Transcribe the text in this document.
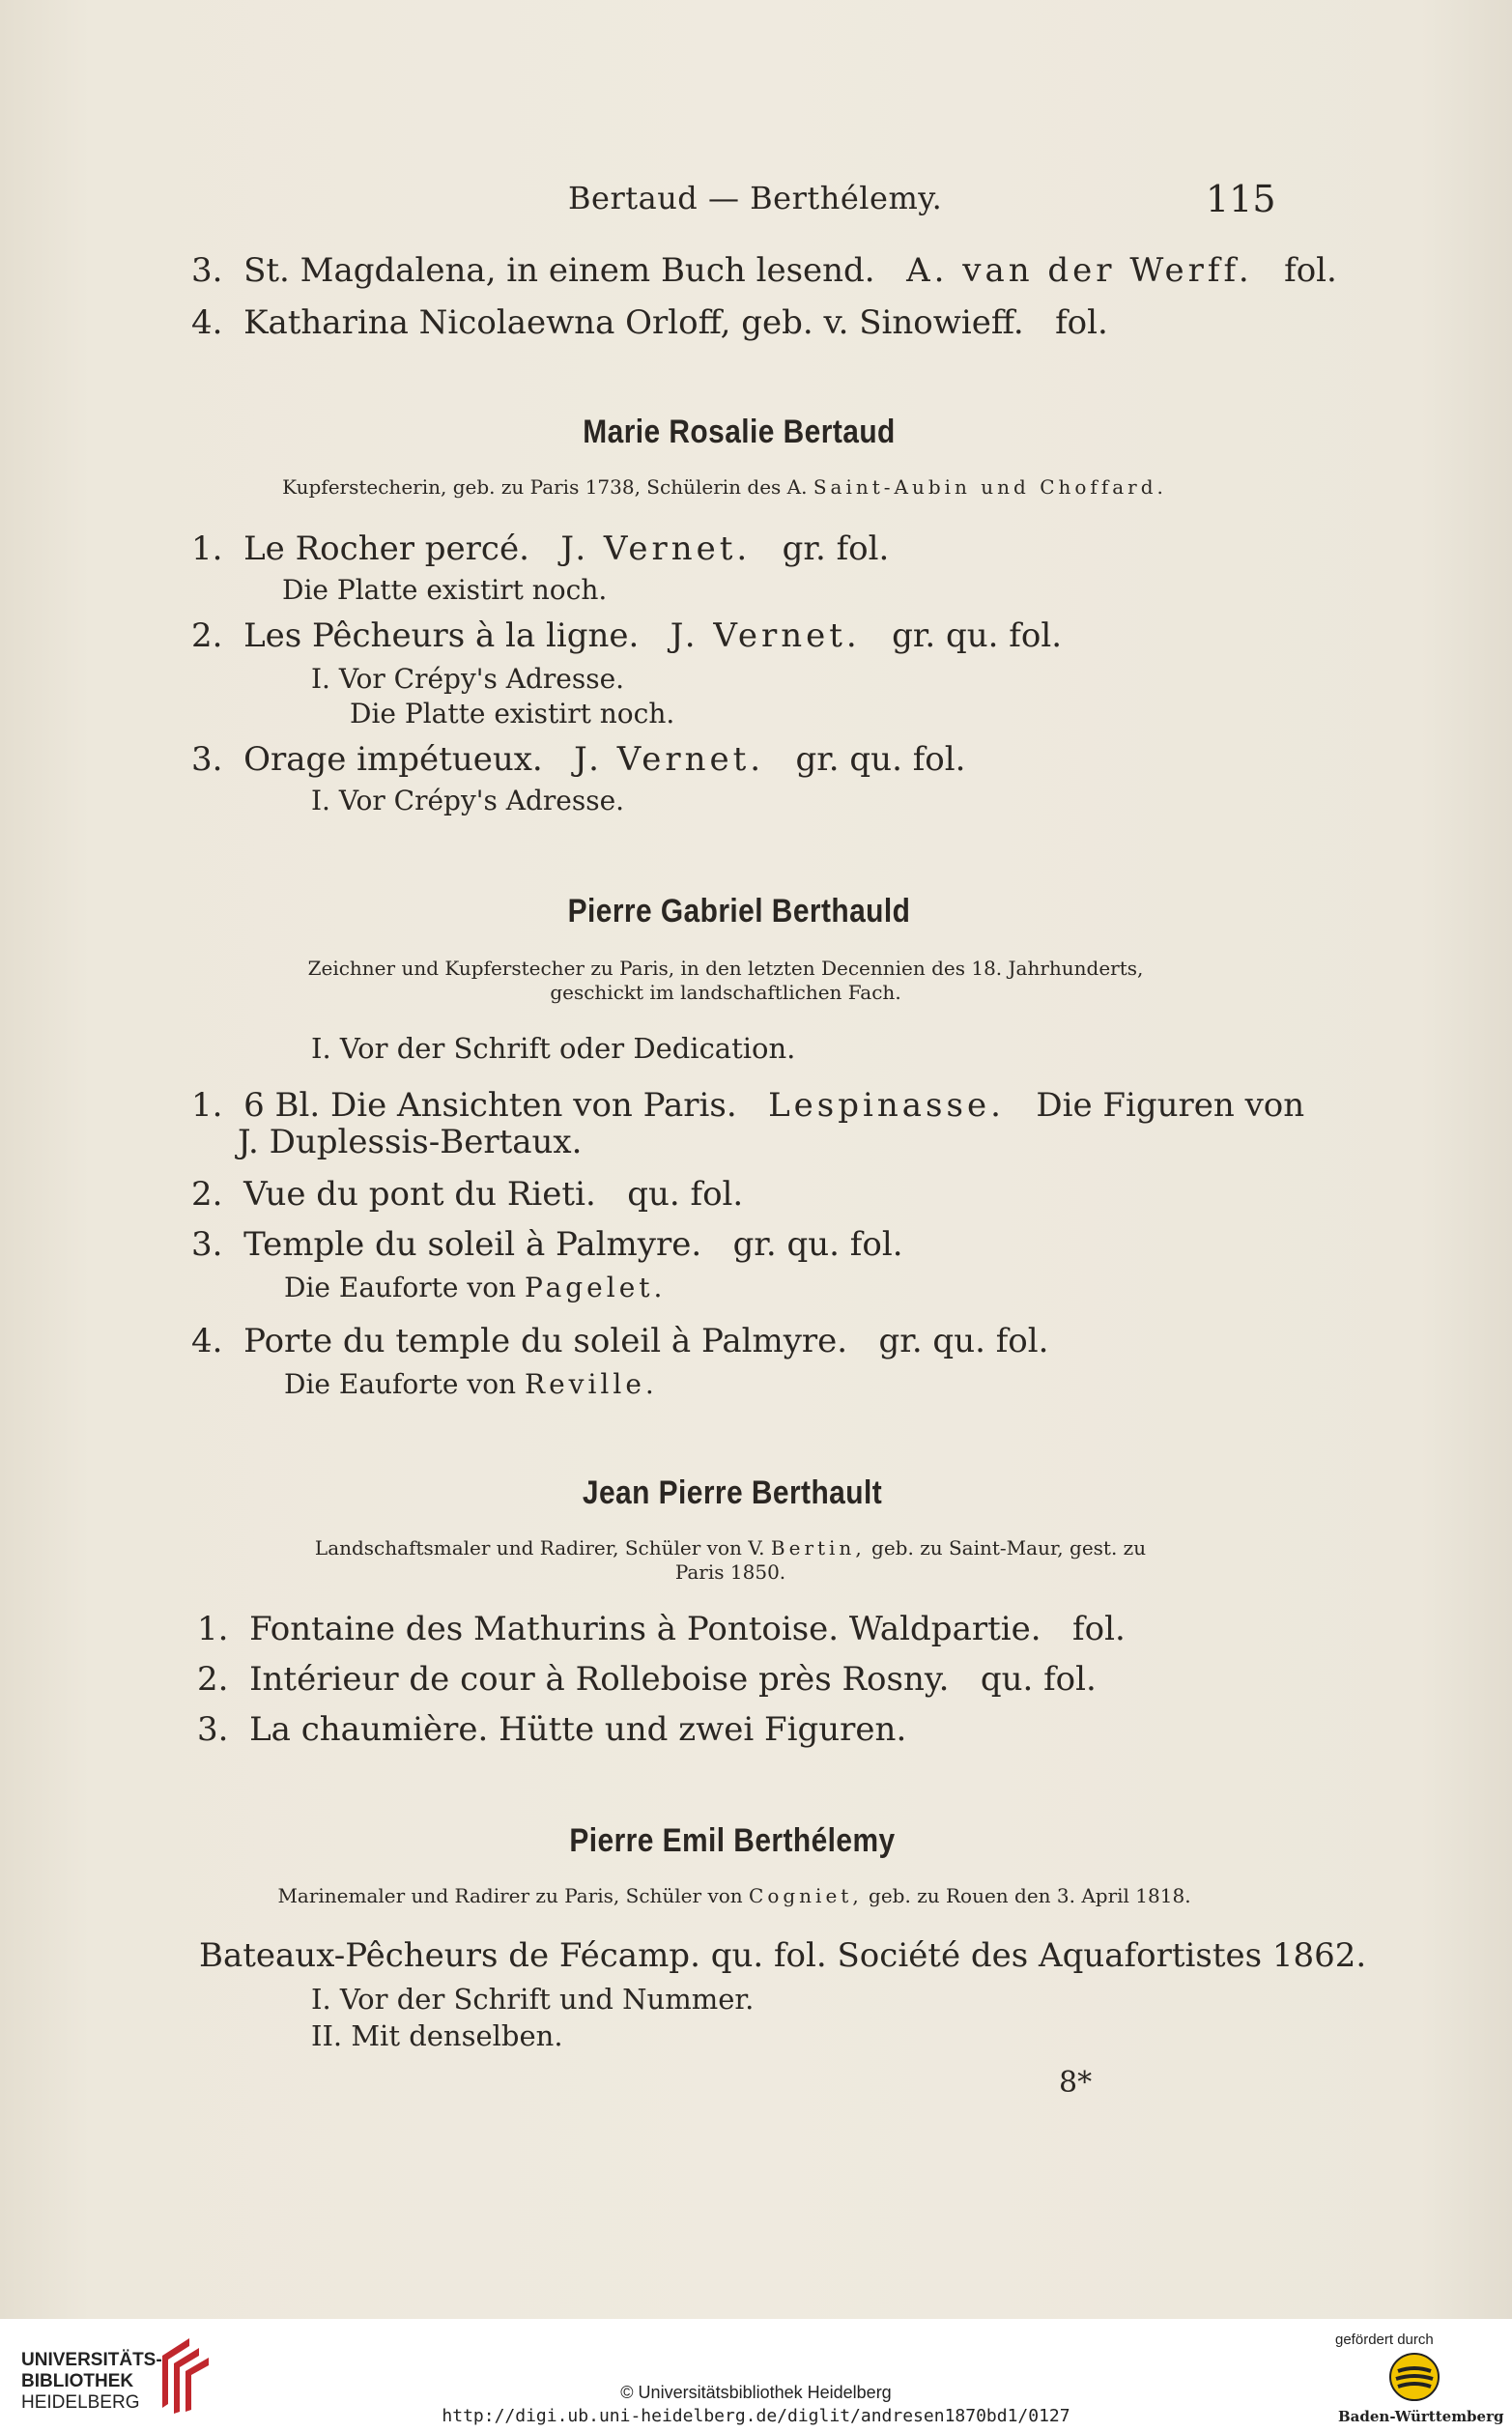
Bertaud — Berthélemy.	115
3. St. Magdalena, in einem Buch lesend. A. van der Werff. fol.
4. Katharina Nicolaewna Orloff, geb. v. Sinowieff. fol.
Marie Rosalie Bertaud
Kupferstecherin, geb. zu Paris 1738, Schülerin des A. Saint-Aubin und Choffard.
1. Le Rocher percé. J. Vernet. gr. fol.
Die Platte existirt noch.
2. Les Pêcheurs à la ligne. J. Vernet. gr. qu. fol.
I. Vor Crépy's Adresse.
Die Platte existirt noch.
3. Orage impétueux. J. Vernet. gr. qu. fol.
I. Vor Crépy's Adresse.
Pierre Gabriel Berthauld
Zeichner und Kupferstecher zu Paris, in den letzten Decennien des 18. Jahrhunderts,
geschickt im landschaftlichen Fach.
I. Vor der Schrift oder Dedication.
1. 6 Bl. Die Ansichten von Paris. Lespinasse. Die Figuren von
J. Duplessis-Bertaux.
2. Vue du pont du Rieti. qu. fol.
3. Temple du soleil à Palmyre. gr. qu. fol.
Die Eauforte von Pagelet.
4. Porte du temple du soleil à Palmyre. gr. qu. fol.
Die Eauforte von Reville.
Jean Pierre Berthault
Landschaftsmaler und Radirer, Schüler von V. Bertin, geb. zu Saint-Maur, gest. zu
Paris 1850.
1. Fontaine des Mathurins à Pontoise. Waldpartie. fol.
2. Intérieur de cour à Rolleboise près Rosny. qu. fol.
3. La chaumière. Hütte und zwei Figuren.
Pierre Emil Berthélemy
Marinemaler und Radirer zu Paris, Schüler von Cogniet, geb. zu Rouen den 3. April 1818.
Bateaux-Pêcheurs de Fécamp. qu. fol. Société des Aquafortistes 1862.
I. Vor der Schrift und Nummer.
II. Mit denselben.
8*
UNIVERSITÄTS-
BIBLIOTHEK
HEIDELBERG	© Universitätsbibliothek Heidelberg
http://digi.ub.uni-heidelberg.de/diglit/andresen1870bd1/0127
gefördert durch
Baden-Württemberg
